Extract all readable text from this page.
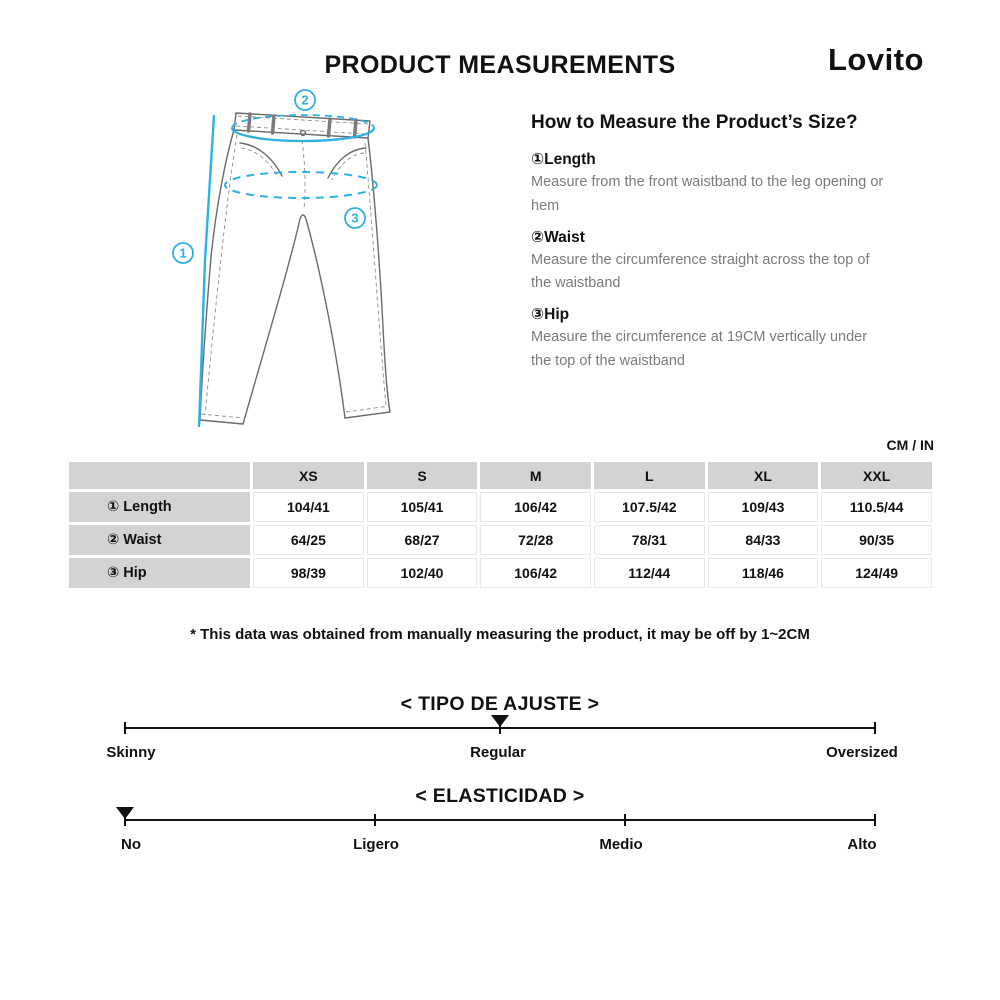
PRODUCT MEASUREMENTS	Lovito
1
2
3
How to Measure the Product’s Size?
①Length
Measure from the front waistband to the leg opening or hem
②Waist
Measure the circumference straight across the top of the waistband
③Hip
Measure the circumference at 19CM vertically under the top of the waistband
CM / IN
	XS	S	M	L	XL	XXL
① Length	104/41	105/41	106/42	107.5/42	109/43	110.5/44
② Waist	64/25	68/27	72/28	78/31	84/33	90/35
③ Hip	98/39	102/40	106/42	112/44	118/46	124/49
* This data was obtained from manually measuring the product, it may be off by 1~2CM
< TIPO DE AJUSTE >
Skinny	Regular	Oversized
< ELASTICIDAD >
No	Ligero	Medio	Alto
